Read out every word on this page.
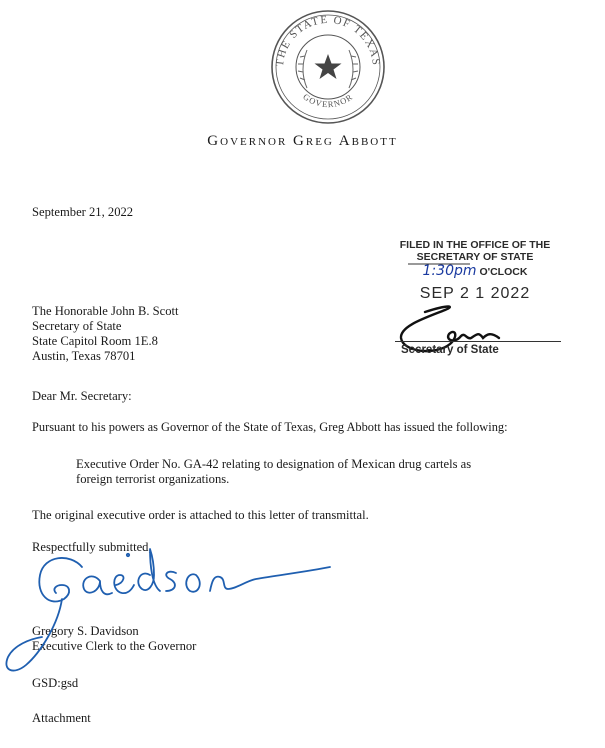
THE STATE OF TEXAS
GOVERNOR
Governor Greg Abbott
September 21, 2022
FILED IN THE OFFICE OF THE
SECRETARY OF STATE
1:30pm O'CLOCK
SEP 2 1 2022
Secretary of State
The Honorable John B. Scott
Secretary of State
State Capitol Room 1E.8
Austin, Texas 78701
Dear Mr. Secretary:
Pursuant to his powers as Governor of the State of Texas, Greg Abbott has issued the following:
Executive Order No. GA-42 relating to designation of Mexican drug cartels as
foreign terrorist organizations.
The original executive order is attached to this letter of transmittal.
Respectfully submitted,
Gregory S. Davidson
Executive Clerk to the Governor
GSD:gsd
Attachment
